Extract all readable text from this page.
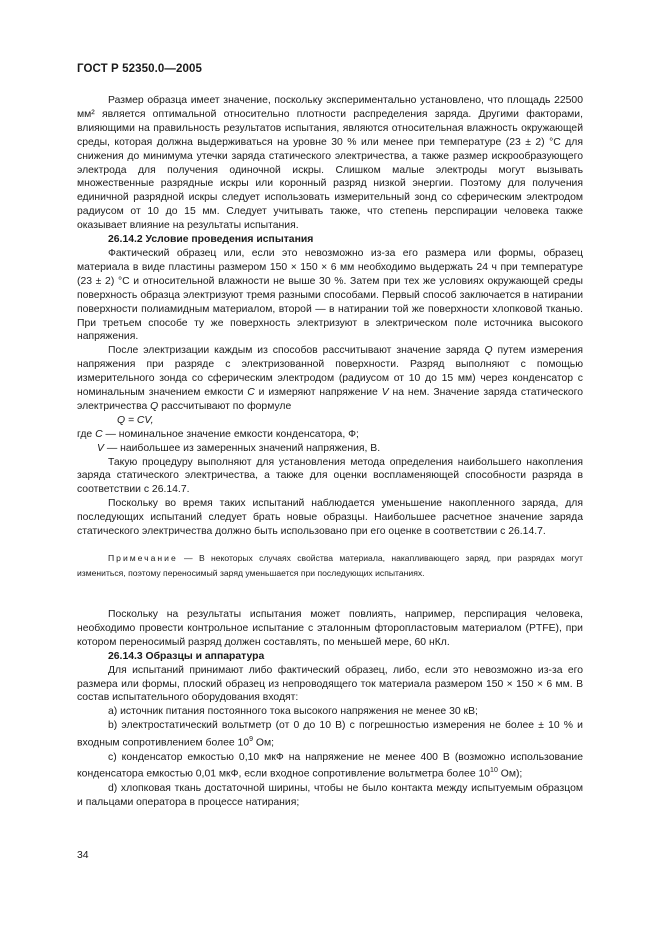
ГОСТ Р 52350.0—2005

Размер образца имеет значение, поскольку экспериментально установлено, что площадь 22500 мм² является оптимальной относительно плотности распределения заряда. Другими факторами, влияющими на правильность результатов испытания, являются относительная влажность окружающей среды, которая должна выдерживаться на уровне 30 % или менее при температуре (23 ± 2) °С для снижения до минимума утечки заряда статического электричества, а также размер искрообразующего электрода для получения одиночной искры. Слишком малые электроды могут вызывать множественные разрядные искры или коронный разряд низкой энергии. Поэтому для получения единичной разрядной искры следует использовать измерительный зонд со сферическим электродом радиусом от 10 до 15 мм. Следует учитывать также, что степень перспирации человека также оказывает влияние на результаты испытания.

26.14.2 Условие проведения испытания

Фактический образец или, если это невозможно из-за его размера или формы, образец материала в виде пластины размером 150 × 150 × 6 мм необходимо выдержать 24 ч при температуре (23 ± 2) °С и относительной влажности не выше 30 %. Затем при тех же условиях окружающей среды поверхность образца электризуют тремя разными способами. Первый способ заключается в натирании поверхности полиамидным материалом, второй — в натирании той же поверхности хлопковой тканью. При третьем способе ту же поверхность электризуют в электрическом поле источника высокого напряжения.

После электризации каждым из способов рассчитывают значение заряда Q путем измерения напряжения при разряде с электризованной поверхности. Разряд выполняют с помощью измерительного зонда со сферическим электродом (радиусом от 10 до 15 мм) через конденсатор с номинальным значением емкости С и измеряют напряжение V на нем. Значение заряда статического электричества Q рассчитывают по формуле

Q = CV,

где С — номинальное значение емкости конденсатора, Ф;

V — наибольшее из замеренных значений напряжения, В.

Такую процедуру выполняют для установления метода определения наибольшего накопления заряда статического электричества, а также для оценки воспламеняющей способности разряда в соответствии с 26.14.7.

Поскольку во время таких испытаний наблюдается уменьшение накопленного заряда, для последующих испытаний следует брать новые образцы. Наибольшее расчетное значение заряда статического электричества должно быть использовано при его оценке в соответствии с 26.14.7.

Примечание — В некоторых случаях свойства материала, накапливающего заряд, при разрядах могут измениться, поэтому переносимый заряд уменьшается при последующих испытаниях.

Поскольку на результаты испытания может повлиять, например, перспирация человека, необходимо провести контрольное испытание с эталонным фторопластовым материалом (PTFE), при котором переносимый разряд должен составлять, по меньшей мере, 60 нКл.

26.14.3 Образцы и аппаратура

Для испытаний принимают либо фактический образец, либо, если это невозможно из-за его размера или формы, плоский образец из непроводящего ток материала размером 150 × 150 × 6 мм. В состав испытательного оборудования входят:

a) источник питания постоянного тока высокого напряжения не менее 30 кВ;

b) электростатический вольтметр (от 0 до 10 В) с погрешностью измерения не более ± 10 % и входным сопротивлением более $10^9$ Ом;

c) конденсатор емкостью 0,10 мкФ на напряжение не менее 400 В (возможно использование конденсатора емкостью 0,01 мкФ, если входное сопротивление вольтметра более $10^{10}$ Ом);

d) хлопковая ткань достаточной ширины, чтобы не было контакта между испытуемым образцом и пальцами оператора в процессе натирания;

34
